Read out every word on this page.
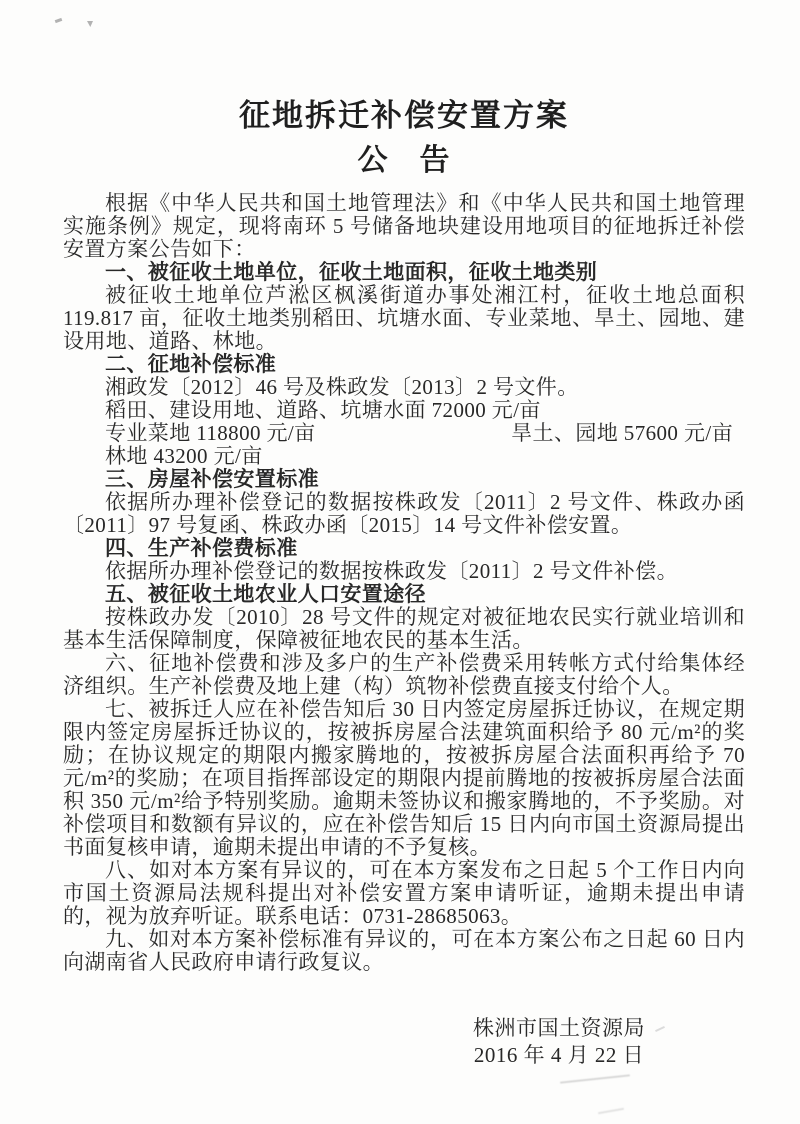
征地拆迁补偿安置方案
公　告

根据《中华人民共和国土地管理法》和《中华人民共和国土地管理实施条例》规定，现将南环 5 号储备地块建设用地项目的征地拆迁补偿安置方案公告如下：

一、被征收土地单位，征收土地面积，征收土地类别

被征收土地单位芦淞区枫溪街道办事处湘江村，征收土地总面积 119.817 亩，征收土地类别稻田、坑塘水面、专业菜地、旱土、园地、建设用地、道路、林地。

二、征地补偿标准

湘政发〔2012〕46 号及株政发〔2013〕2 号文件。

稻田、建设用地、道路、坑塘水面 72000 元/亩

专业菜地 118800 元/亩	旱土、园地 57600 元/亩

林地 43200 元/亩

三、房屋补偿安置标准

依据所办理补偿登记的数据按株政发〔2011〕2 号文件、株政办函〔2011〕97 号复函、株政办函〔2015〕14 号文件补偿安置。

四、生产补偿费标准

依据所办理补偿登记的数据按株政发〔2011〕2 号文件补偿。

五、被征收土地农业人口安置途径

按株政办发〔2010〕28 号文件的规定对被征地农民实行就业培训和基本生活保障制度，保障被征地农民的基本生活。

六、征地补偿费和涉及多户的生产补偿费采用转帐方式付给集体经济组织。生产补偿费及地上建（构）筑物补偿费直接支付给个人。

七、被拆迁人应在补偿告知后 30 日内签定房屋拆迁协议，在规定期限内签定房屋拆迁协议的，按被拆房屋合法建筑面积给予 80 元/m²的奖励；在协议规定的期限内搬家腾地的，按被拆房屋合法面积再给予 70 元/m²的奖励；在项目指挥部设定的期限内提前腾地的按被拆房屋合法面积 350 元/m²给予特别奖励。逾期未签协议和搬家腾地的，不予奖励。对补偿项目和数额有异议的，应在补偿告知后 15 日内向市国土资源局提出书面复核申请，逾期未提出申请的不予复核。

八、如对本方案有异议的，可在本方案发布之日起 5 个工作日内向市国土资源局法规科提出对补偿安置方案申请听证，逾期未提出申请的，视为放弃听证。联系电话：0731-28685063。

九、如对本方案补偿标准有异议的，可在本方案公布之日起 60 日内向湖南省人民政府申请行政复议。

株洲市国土资源局
2016 年 4 月 22 日
